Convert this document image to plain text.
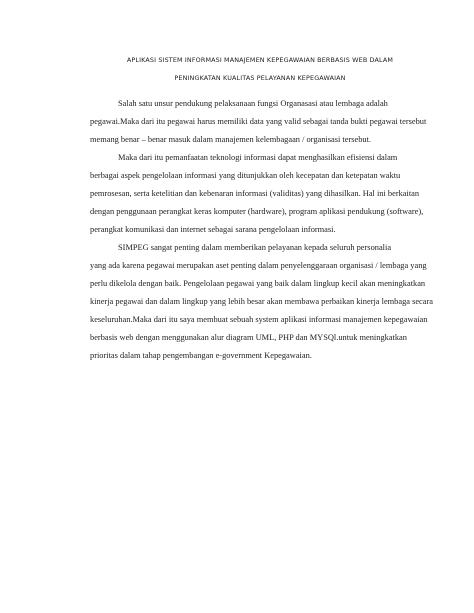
APLIKASI SISTEM INFORMASI MANAJEMEN KEPEGAWAIAN BERBASIS WEB DALAM
PENINGKATAN KUALITAS PELAYANAN KEPEGAWAIAN
Salah satu unsur pendukung pelaksanaan fungsi Organasasi atau lembaga adalah
pegawai.Maka dari itu pegawai harus memiliki data yang valid sebagai tanda bukti pegawai tersebut
memang benar – benar masuk dalam manajemen kelembagaan / organisasi tersebut.
Maka dari itu pemanfaatan teknologi informasi dapat menghasilkan efisiensi dalam
berbagai aspek pengelolaan informasi yang ditunjukkan oleh kecepatan dan ketepatan waktu
pemrosesan, serta ketelitian dan kebenaran informasi (validitas) yang dihasilkan. Hal ini berkaitan
dengan penggunaan perangkat keras komputer (hardware), program aplikasi pendukung (software),
perangkat komunikasi dan internet sebagai sarana pengelolaan informasi.
SIMPEG sangat penting dalam memberikan pelayanan kepada seluruh personalia
yang ada karena pegawai merupakan aset penting dalam penyelenggaraan organisasi / lembaga yang
perlu dikelola dengan baik. Pengelolaan pegawai yang baik dalam lingkup kecil akan meningkatkan
kinerja pegawai dan dalam lingkup yang lebih besar akan membawa perbaikan kinerja lembaga secara
keseluruhan.Maka dari itu saya membuat sebuah system aplikasi informasi manajemen kepegawaian
berbasis web dengan menggunakan alur diagram UML, PHP dan MYSQl.untuk meningkatkan
prioritas dalam tahap pengembangan e-government Kepegawaian.
